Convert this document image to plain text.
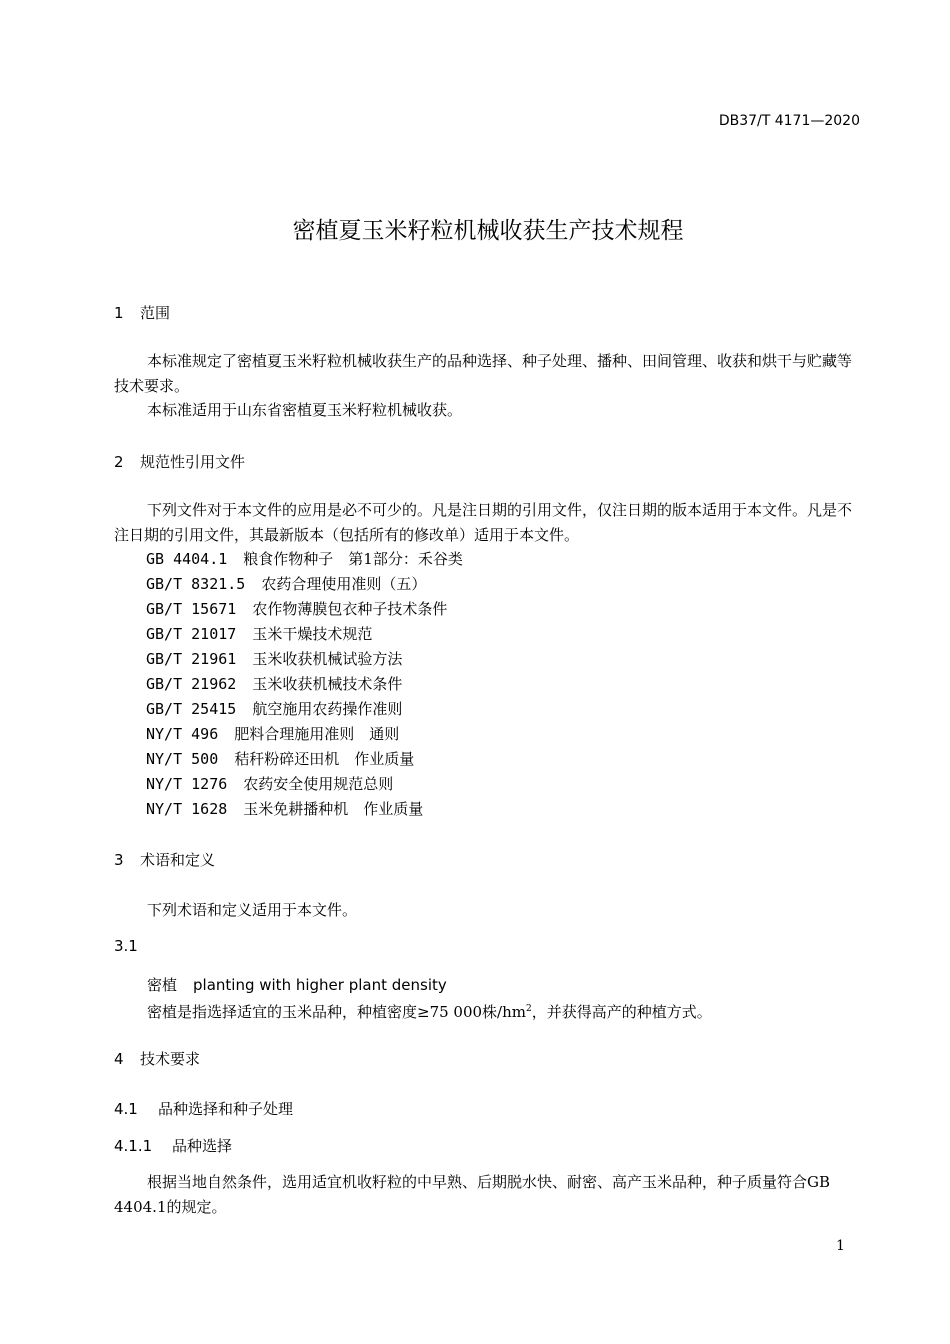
DB37/T 4171—2020
密植夏玉米籽粒机械收获生产技术规程
1 范围
本标准规定了密植夏玉米籽粒机械收获生产的品种选择、种子处理、播种、田间管理、收获和烘干与贮藏等技术要求。
本标准适用于山东省密植夏玉米籽粒机械收获。
2 规范性引用文件
下列文件对于本文件的应用是必不可少的。凡是注日期的引用文件，仅注日期的版本适用于本文件。凡是不注日期的引用文件，其最新版本（包括所有的修改单）适用于本文件。
GB 4404.1 粮食作物种子　第1部分：禾谷类
GB/T 8321.5 农药合理使用准则（五）
GB/T 15671 农作物薄膜包衣种子技术条件
GB/T 21017 玉米干燥技术规范
GB/T 21961 玉米收获机械试验方法
GB/T 21962 玉米收获机械技术条件
GB/T 25415 航空施用农药操作准则
NY/T 496 肥料合理施用准则　通则
NY/T 500 秸秆粉碎还田机　作业质量
NY/T 1276 农药安全使用规范总则
NY/T 1628 玉米免耕播种机　作业质量
3 术语和定义
下列术语和定义适用于本文件。
3.1
密植 planting with higher plant density
密植是指选择适宜的玉米品种，种植密度≥75 000株$/hm^2$，并获得高产的种植方式。
4 技术要求
4.1 品种选择和种子处理
4.1.1 品种选择
根据当地自然条件，选用适宜机收籽粒的中早熟、后期脱水快、耐密、高产玉米品种，种子质量符合GB 4404.1的规定。
1
